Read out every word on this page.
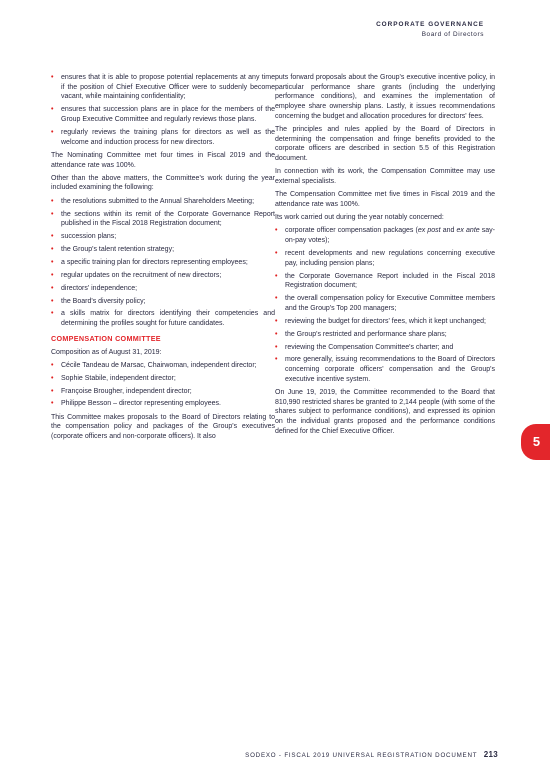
CORPORATE GOVERNANCE
Board of Directors
• ensures that it is able to propose potential replacements at any time if the position of Chief Executive Officer were to suddenly become vacant, while maintaining confidentiality;
• ensures that succession plans are in place for the members of the Group Executive Committee and regularly reviews those plans.
• regularly reviews the training plans for directors as well as the welcome and induction process for new directors.

The Nominating Committee met four times in Fiscal 2019 and the attendance rate was 100%.

Other than the above matters, the Committee's work during the year included examining the following:

• the resolutions submitted to the Annual Shareholders Meeting;
• the sections within its remit of the Corporate Governance Report published in the Fiscal 2018 Registration document;
• succession plans;
• the Group's talent retention strategy;
• a specific training plan for directors representing employees;
• regular updates on the recruitment of new directors;
• directors' independence;
• the Board's diversity policy;
• a skills matrix for directors identifying their competencies and determining the profiles sought for future candidates.
COMPENSATION COMMITTEE

Composition as of August 31, 2019:

• Cécile Tandeau de Marsac, Chairwoman, independent director;
• Sophie Stabile, independent director;
• Françoise Brougher, independent director;
• Philippe Besson – director representing employees.

This Committee makes proposals to the Board of Directors relating to the compensation policy and packages of the Group's executives (corporate officers and non-corporate officers). It also

puts forward proposals about the Group's executive incentive policy, in particular performance share grants (including the underlying performance conditions), and examines the implementation of employee share ownership plans. Lastly, it issues recommendations concerning the budget and allocation procedures for directors' fees.

The principles and rules applied by the Board of Directors in determining the compensation and fringe benefits provided to the corporate officers are described in section 5.5 of this Registration document.

In connection with its work, the Compensation Committee may use external specialists.

The Compensation Committee met five times in Fiscal 2019 and the attendance rate was 100%.

Its work carried out during the year notably concerned:

• corporate officer compensation packages (ex post and ex ante say-on-pay votes);
• recent developments and new regulations concerning executive pay, including pension plans;
• the Corporate Governance Report included in the Fiscal 2018 Registration document;
• the overall compensation policy for Executive Committee members and the Group's Top 200 managers;
• reviewing the budget for directors' fees, which it kept unchanged;
• the Group's restricted and performance share plans;
• reviewing the Compensation Committee's charter; and
• more generally, issuing recommendations to the Board of Directors concerning corporate officers' compensation and the Group's executive incentive system.

On June 19, 2019, the Committee recommended to the Board that 810,990 restricted shares be granted to 2,144 people (with some of the shares subject to performance conditions), and expressed its opinion on the individual grants proposed and the performance conditions defined for the Chief Executive Officer.

5
SODEXO - FISCAL 2019 UNIVERSAL REGISTRATION DOCUMENT 213
